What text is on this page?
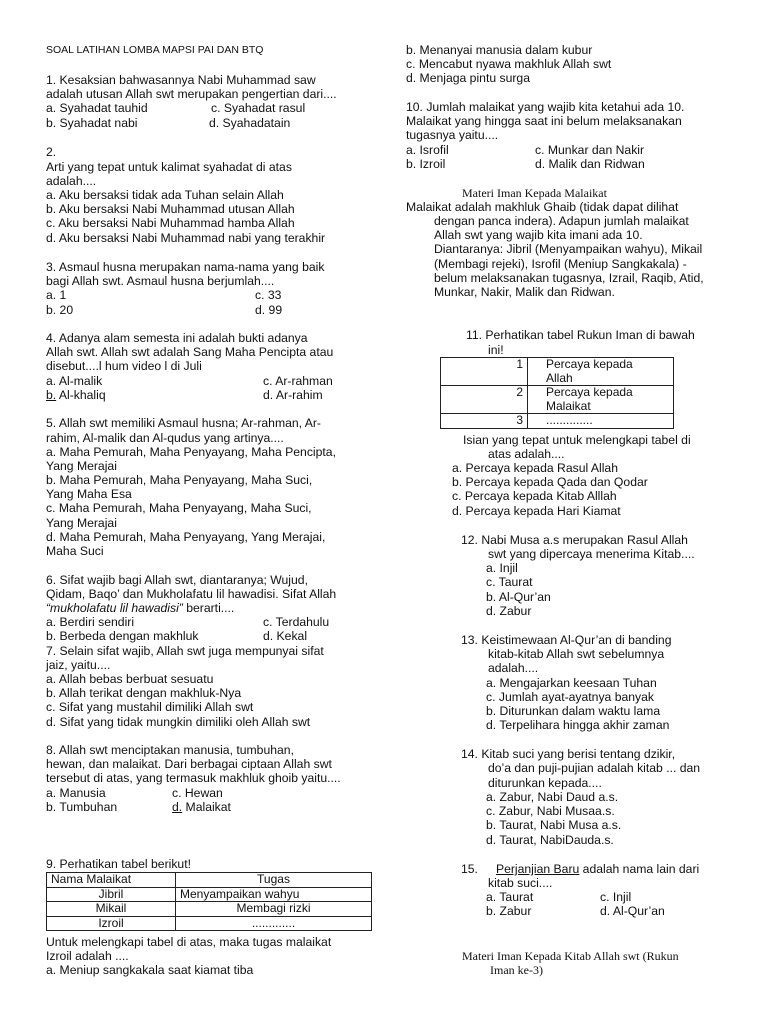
SOAL LATIHAN LOMBA MAPSI PAI DAN BTQ
1. Kesaksian bahwasannya Nabi Muhammad saw
adalah utusan Allah swt merupakan pengertian dari....
a. Syahadat tauhid	c. Syahadat rasul
b. Syahadat nabi	d. Syahadatain
2.
Arti yang tepat untuk kalimat syahadat di atas
adalah....
a. Aku bersaksi tidak ada Tuhan selain Allah
b. Aku bersaksi Nabi Muhammad utusan Allah
c. Aku bersaksi Nabi Muhammad hamba Allah
d. Aku bersaksi Nabi Muhammad nabi yang terakhir
3. Asmaul husna merupakan nama-nama yang baik
bagi Allah swt. Asmaul husna berjumlah....
a. 1	c. 33
b. 20	d. 99
4. Adanya alam semesta ini adalah bukti adanya
Allah swt. Allah swt adalah Sang Maha Pencipta atau
disebut....l hum video l di Juli
a. Al-malik	c. Ar-rahman
b. Al-khaliq	d. Ar-rahim
5. Allah swt memiliki Asmaul husna; Ar-rahman, Ar-
rahim, Al-malik dan Al-qudus yang artinya....
a. Maha Pemurah, Maha Penyayang, Maha Pencipta,
Yang Merajai
b. Maha Pemurah, Maha Penyayang, Maha Suci,
Yang Maha Esa
c. Maha Pemurah, Maha Penyayang, Maha Suci,
Yang Merajai
d. Maha Pemurah, Maha Penyayang, Yang Merajai,
Maha Suci
6. Sifat wajib bagi Allah swt, diantaranya; Wujud,
Qidam, Baqo’ dan Mukholafatu lil hawadisi. Sifat Allah
“mukholafatu lil hawadisi” berarti....
a. Berdiri sendiri	c. Terdahulu
b. Berbeda dengan makhluk	d. Kekal
7. Selain sifat wajib, Allah swt juga mempunyai sifat
jaiz, yaitu....
a. Allah bebas berbuat sesuatu
b. Allah terikat dengan makhluk-Nya
c. Sifat yang mustahil dimiliki Allah swt
d. Sifat yang tidak mungkin dimiliki oleh Allah swt
8. Allah swt menciptakan manusia, tumbuhan,
hewan, dan malaikat. Dari berbagai ciptaan Allah swt
tersebut di atas, yang termasuk makhluk ghoib yaitu....
a. Manusia	c. Hewan
b. Tumbuhan	d. Malaikat
9. Perhatikan tabel berikut!
Nama Malaikat	Tugas
Jibril	Menyampaikan wahyu
Mikail	Membagi rizki
Izroil	.............
Untuk melengkapi tabel di atas, maka tugas malaikat
Izroil adalah ....
a. Meniup sangkakala saat kiamat tiba
b. Menanyai manusia dalam kubur
c. Mencabut nyawa makhluk Allah swt
d. Menjaga pintu surga
10. Jumlah malaikat yang wajib kita ketahui ada 10.
Malaikat yang hingga saat ini belum melaksanakan
tugasnya yaitu....
a. Isrofil	c. Munkar dan Nakir
b. Izroil	d. Malik dan Ridwan
Materi Iman Kepada Malaikat
Malaikat adalah makhluk Ghaib (tidak dapat dilihat
dengan panca indera). Adapun jumlah malaikat
Allah swt yang wajib kita imani ada 10.
Diantaranya: Jibril (Menyampaikan wahyu), Mikail
(Membagi rejeki), Isrofil (Meniup Sangkakala) -
belum melaksanakan tugasnya, Izrail, Raqib, Atid,
Munkar, Nakir, Malik dan Ridwan.
11. Perhatikan tabel Rukun Iman di bawah
ini!
1	Percaya kepada
Allah
2	Percaya kepada
Malaikat
3	..............
Isian yang tepat untuk melengkapi tabel di
atas adalah....
a. Percaya kepada Rasul Allah
b. Percaya kepada Qada dan Qodar
c. Percaya kepada Kitab Alllah
d. Percaya kepada Hari Kiamat
12. Nabi Musa a.s merupakan Rasul Allah
swt yang dipercaya menerima Kitab....
a. Injil
c. Taurat
b. Al-Qur’an
d. Zabur
13. Keistimewaan Al-Qur’an di banding
kitab-kitab Allah swt sebelumnya
adalah....
a. Mengajarkan keesaan Tuhan
c. Jumlah ayat-ayatnya banyak
b. Diturunkan dalam waktu lama
d. Terpelihara hingga akhir zaman
14. Kitab suci yang berisi tentang dzikir,
do’a dan puji-pujian adalah kitab ... dan
diturunkan kepada....
a. Zabur, Nabi Daud a.s.
c. Zabur, Nabi Musaa.s.
b. Taurat, Nabi Musa a.s.
d. Taurat, NabiDauda.s.
15. Perjanjian Baru adalah nama lain dari
kitab suci....
a. Taurat	c. Injil
b. Zabur	d. Al-Qur’an
Materi Iman Kepada Kitab Allah swt (Rukun
Iman ke-3)
